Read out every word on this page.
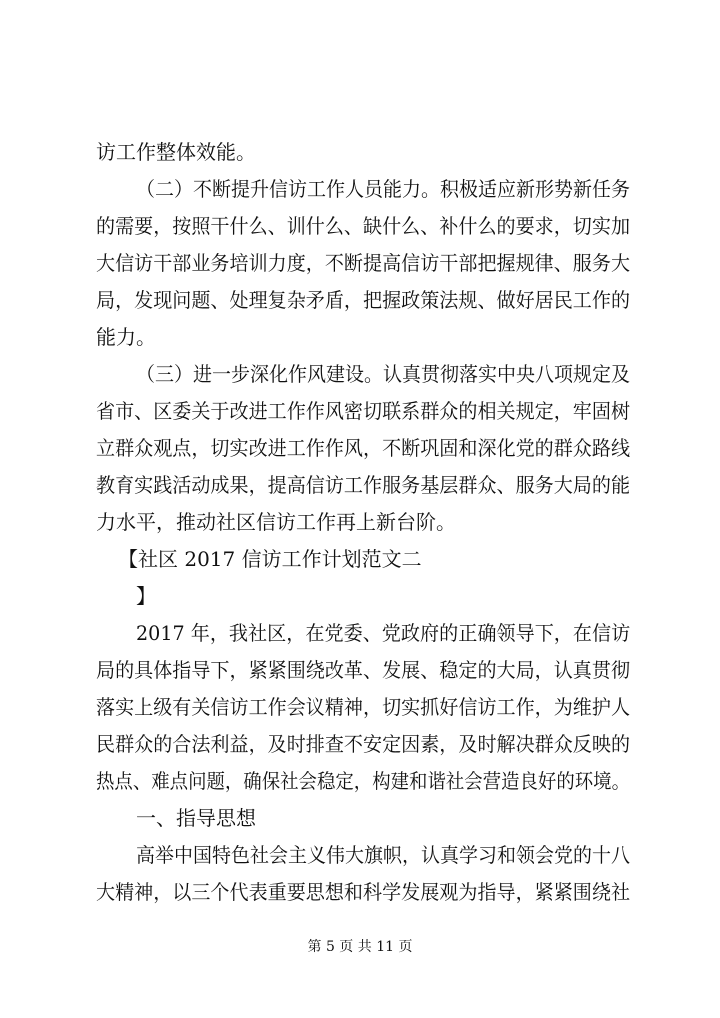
访工作整体效能。
（二）不断提升信访工作人员能力。积极适应新形势新任务
的需要，按照干什么、训什么、缺什么、补什么的要求，切实加
大信访干部业务培训力度，不断提高信访干部把握规律、服务大
局，发现问题、处理复杂矛盾，把握政策法规、做好居民工作的
能力。
（三）进一步深化作风建设。认真贯彻落实中央八项规定及
省市、区委关于改进工作作风密切联系群众的相关规定，牢固树
立群众观点，切实改进工作作风，不断巩固和深化党的群众路线
教育实践活动成果，提高信访工作服务基层群众、服务大局的能
力水平，推动社区信访工作再上新台阶。
【社区 2017 信访工作计划范文二
】
2017 年，我社区，在党委、党政府的正确领导下，在信访
局的具体指导下，紧紧围绕改革、发展、稳定的大局，认真贯彻
落实上级有关信访工作会议精神，切实抓好信访工作，为维护人
民群众的合法利益，及时排查不安定因素，及时解决群众反映的
热点、难点问题，确保社会稳定，构建和谐社会营造良好的环境。
一、指导思想
高举中国特色社会主义伟大旗帜，认真学习和领会党的十八
大精神，以三个代表重要思想和科学发展观为指导，紧紧围绕社
第 5 页 共 11 页
